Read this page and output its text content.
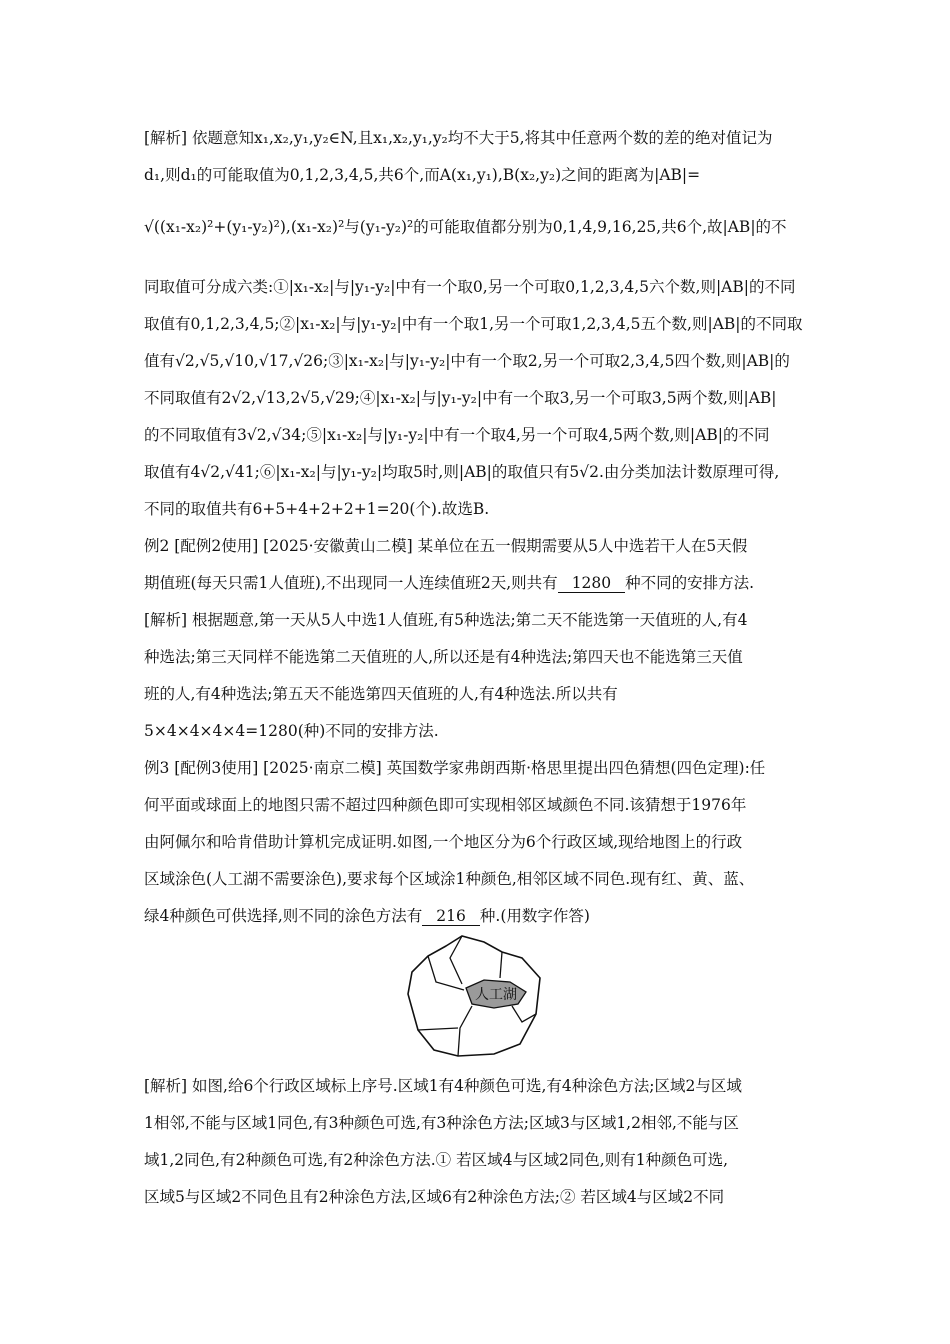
[解析] 依题意知x₁,x₂,y₁,y₂∈N,且x₁,x₂,y₁,y₂均不大于5,将其中任意两个数的差的绝对值记为
d₁,则d₁的可能取值为0,1,2,3,4,5,共6个,而A(x₁,y₁),B(x₂,y₂)之间的距离为|AB|=
√((x₁-x₂)²+(y₁-y₂)²),(x₁-x₂)²与(y₁-y₂)²的可能取值都分别为0,1,4,9,16,25,共6个,故|AB|的不
同取值可分成六类:①|x₁-x₂|与|y₁-y₂|中有一个取0,另一个可取0,1,2,3,4,5六个数,则|AB|的不同
取值有0,1,2,3,4,5;②|x₁-x₂|与|y₁-y₂|中有一个取1,另一个可取1,2,3,4,5五个数,则|AB|的不同取
值有√2,√5,√10,√17,√26;③|x₁-x₂|与|y₁-y₂|中有一个取2,另一个可取2,3,4,5四个数,则|AB|的
不同取值有2√2,√13,2√5,√29;④|x₁-x₂|与|y₁-y₂|中有一个取3,另一个可取3,5两个数,则|AB|
的不同取值有3√2,√34;⑤|x₁-x₂|与|y₁-y₂|中有一个取4,另一个可取4,5两个数,则|AB|的不同
取值有4√2,√41;⑥|x₁-x₂|与|y₁-y₂|均取5时,则|AB|的取值只有5√2.由分类加法计数原理可得,
不同的取值共有6+5+4+2+2+1=20(个).故选B.
例2 [配例2使用] [2025·安徽黄山二模] 某单位在五一假期需要从5人中选若干人在5天假
期值班(每天只需1人值班),不出现同一人连续值班2天,则共有 1280 种不同的安排方法.
[解析] 根据题意,第一天从5人中选1人值班,有5种选法;第二天不能选第一天值班的人,有4
种选法;第三天同样不能选第二天值班的人,所以还是有4种选法;第四天也不能选第三天值
班的人,有4种选法;第五天不能选第四天值班的人,有4种选法.所以共有
5×4×4×4×4=1280(种)不同的安排方法.
例3 [配例3使用] [2025·南京二模] 英国数学家弗朗西斯·格思里提出四色猜想(四色定理):任
何平面或球面上的地图只需不超过四种颜色即可实现相邻区域颜色不同.该猜想于1976年
由阿佩尔和哈肯借助计算机完成证明.如图,一个地区分为6个行政区域,现给地图上的行政
区域涂色(人工湖不需要涂色),要求每个区域涂1种颜色,相邻区域不同色.现有红、黄、蓝、
绿4种颜色可供选择,则不同的涂色方法有 216 种.(用数字作答)
人工湖
[解析] 如图,给6个行政区域标上序号.区域1有4种颜色可选,有4种涂色方法;区域2与区域
1相邻,不能与区域1同色,有3种颜色可选,有3种涂色方法;区域3与区域1,2相邻,不能与区
域1,2同色,有2种颜色可选,有2种涂色方法.① 若区域4与区域2同色,则有1种颜色可选,
区域5与区域2不同色且有2种涂色方法,区域6有2种涂色方法;② 若区域4与区域2不同
